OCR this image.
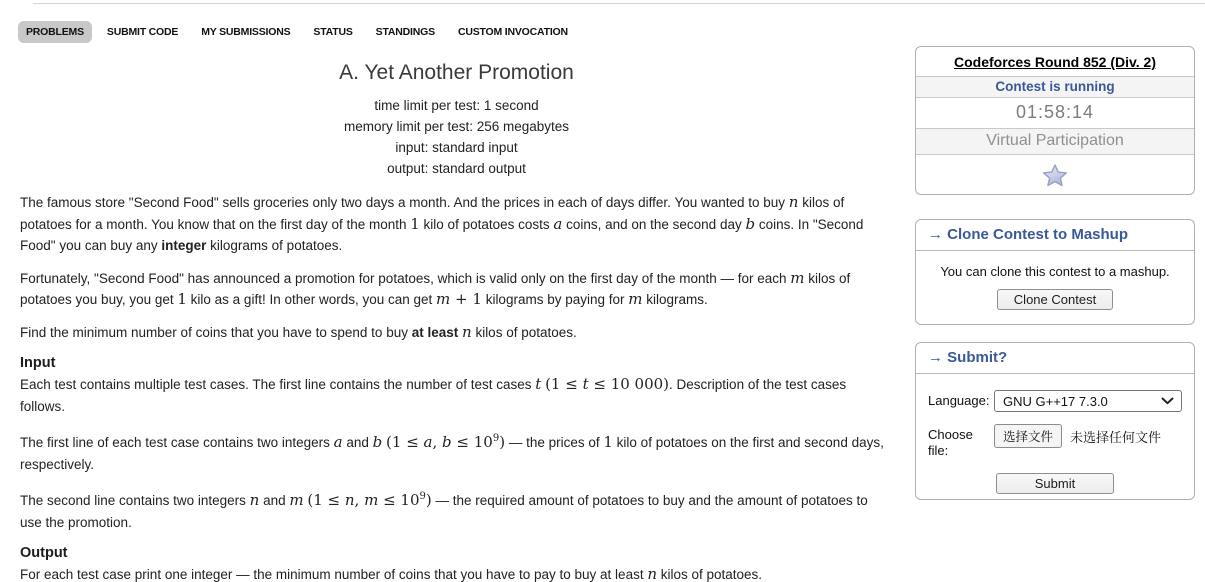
PROBLEMS	SUBMIT CODE	MY SUBMISSIONS	STATUS	STANDINGS	CUSTOM INVOCATION
A. Yet Another Promotion
time limit per test: 1 second
memory limit per test: 256 megabytes
input: standard input
output: standard output
The famous store "Second Food" sells groceries only two days a month. And the prices in each of days differ. You wanted to buy n kilos of potatoes for a month. You know that on the first day of the month 1 kilo of potatoes costs a coins, and on the second day b coins. In "Second Food" you can buy any integer kilograms of potatoes.
Fortunately, "Second Food" has announced a promotion for potatoes, which is valid only on the first day of the month — for each m kilos of potatoes you buy, you get 1 kilo as a gift! In other words, you can get m + 1 kilograms by paying for m kilograms.
Find the minimum number of coins that you have to spend to buy at least n kilos of potatoes.
Input
Each test contains multiple test cases. The first line contains the number of test cases t (1 ≤ t ≤ 10 000). Description of the test cases follows.
The first line of each test case contains two integers a and b (1 ≤ a, $b \le 10^9$) — the prices of 1 kilo of potatoes on the first and second days, respectively.
The second line contains two integers n and m (1 ≤ n, $m \le 10^9$) — the required amount of potatoes to buy and the amount of potatoes to use the promotion.
Output
For each test case print one integer — the minimum number of coins that you have to pay to buy at least n kilos of potatoes.
Codeforces Round 852 (Div. 2)
Contest is running
01:58:14
Virtual Participation
→ Clone Contest to Mashup
You can clone this contest to a mashup.
Clone Contest
→ Submit?
Language:	GNU G++17 7.3.0
Choose file:
选择文件	未选择任何文件
Submit
